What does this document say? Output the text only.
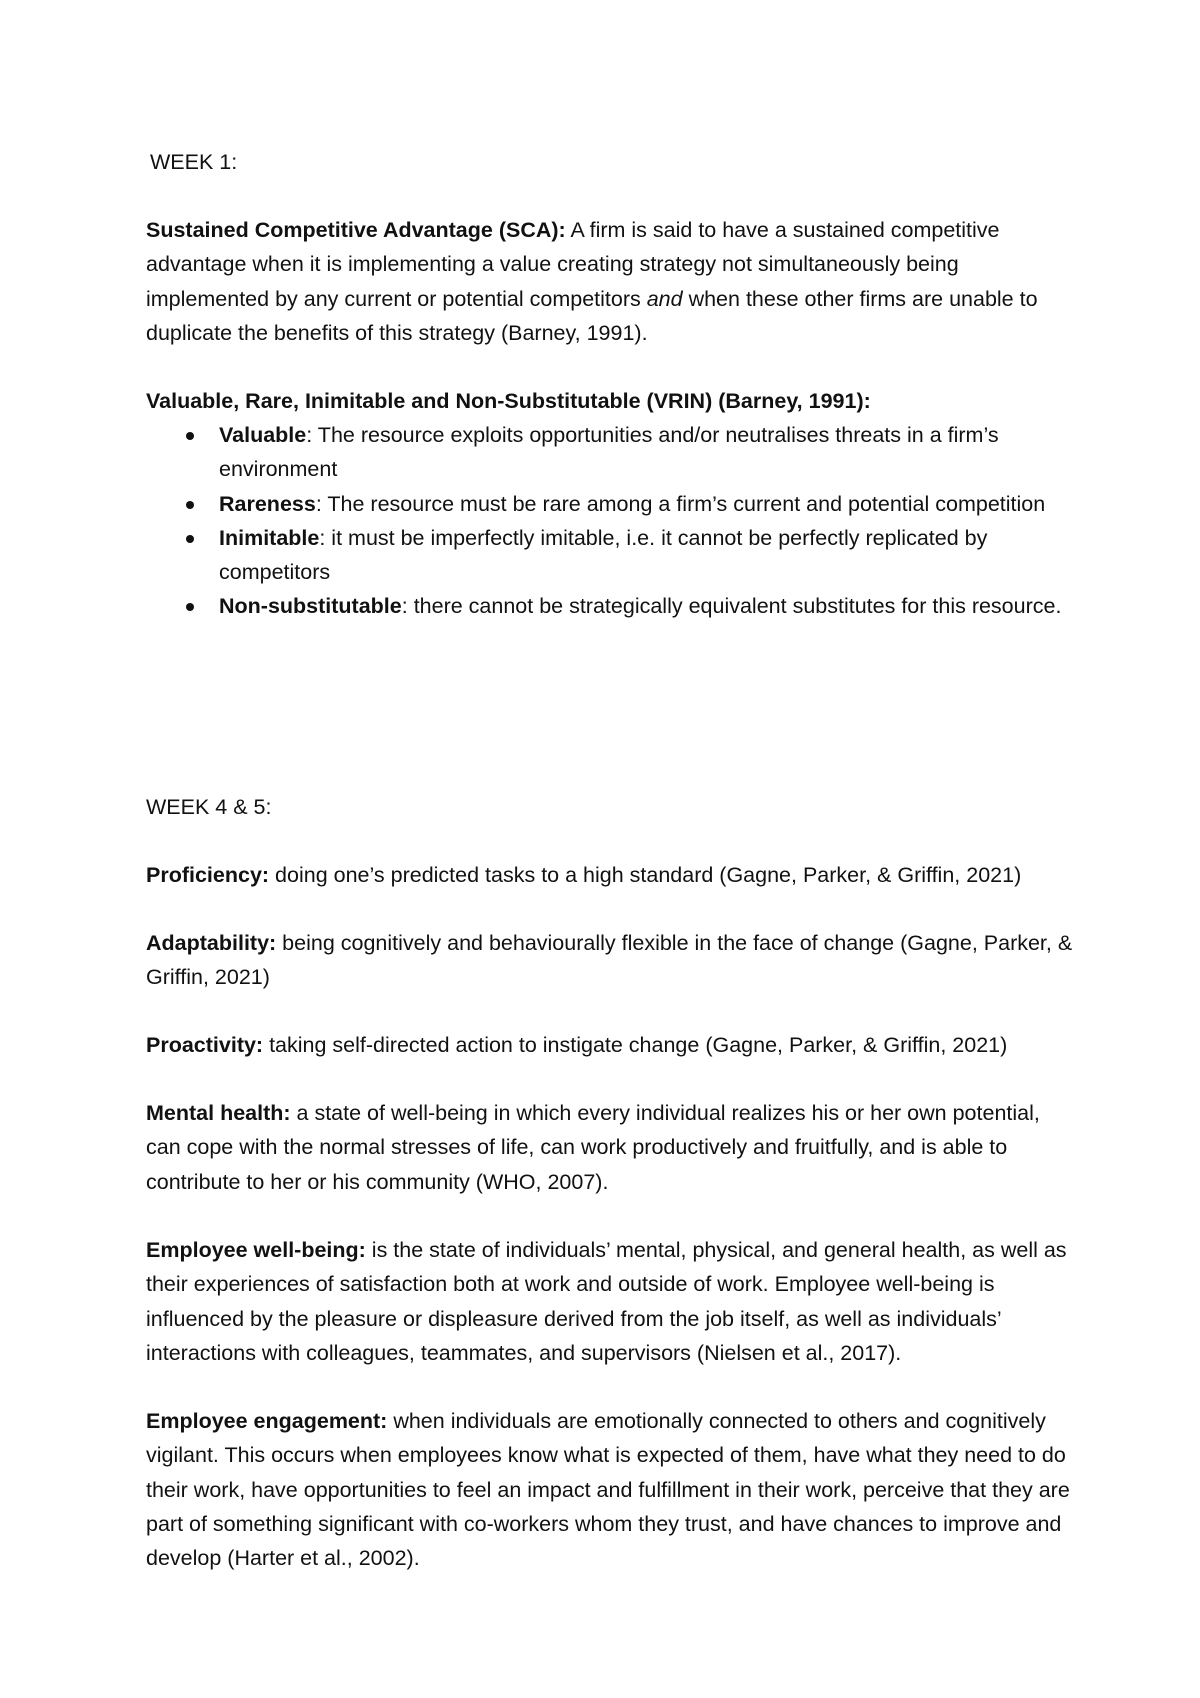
WEEK 1:

Sustained Competitive Advantage (SCA): A firm is said to have a sustained competitive advantage when it is implementing a value creating strategy not simultaneously being implemented by any current or potential competitors and when these other firms are unable to duplicate the benefits of this strategy (Barney, 1991).

Valuable, Rare, Inimitable and Non-Substitutable (VRIN) (Barney, 1991):
Valuable: The resource exploits opportunities and/or neutralises threats in a firm’s environment
Rareness: The resource must be rare among a firm’s current and potential competition
Inimitable: it must be imperfectly imitable, i.e. it cannot be perfectly replicated by competitors
Non-substitutable: there cannot be strategically equivalent substitutes for this resource.
WEEK 4 & 5:

Proficiency: doing one’s predicted tasks to a high standard (Gagne, Parker, & Griffin, 2021)

Adaptability: being cognitively and behaviourally flexible in the face of change (Gagne, Parker, & Griffin, 2021)

Proactivity: taking self-directed action to instigate change (Gagne, Parker, & Griffin, 2021)

Mental health: a state of well-being in which every individual realizes his or her own potential, can cope with the normal stresses of life, can work productively and fruitfully, and is able to contribute to her or his community (WHO, 2007).

Employee well-being: is the state of individuals’ mental, physical, and general health, as well as their experiences of satisfaction both at work and outside of work. Employee well-being is influenced by the pleasure or displeasure derived from the job itself, as well as individuals’ interactions with colleagues, teammates, and supervisors (Nielsen et al., 2017).

Employee engagement: when individuals are emotionally connected to others and cognitively vigilant. This occurs when employees know what is expected of them, have what they need to do their work, have opportunities to feel an impact and fulfillment in their work, perceive that they are part of something significant with co-workers whom they trust, and have chances to improve and develop (Harter et al., 2002).
